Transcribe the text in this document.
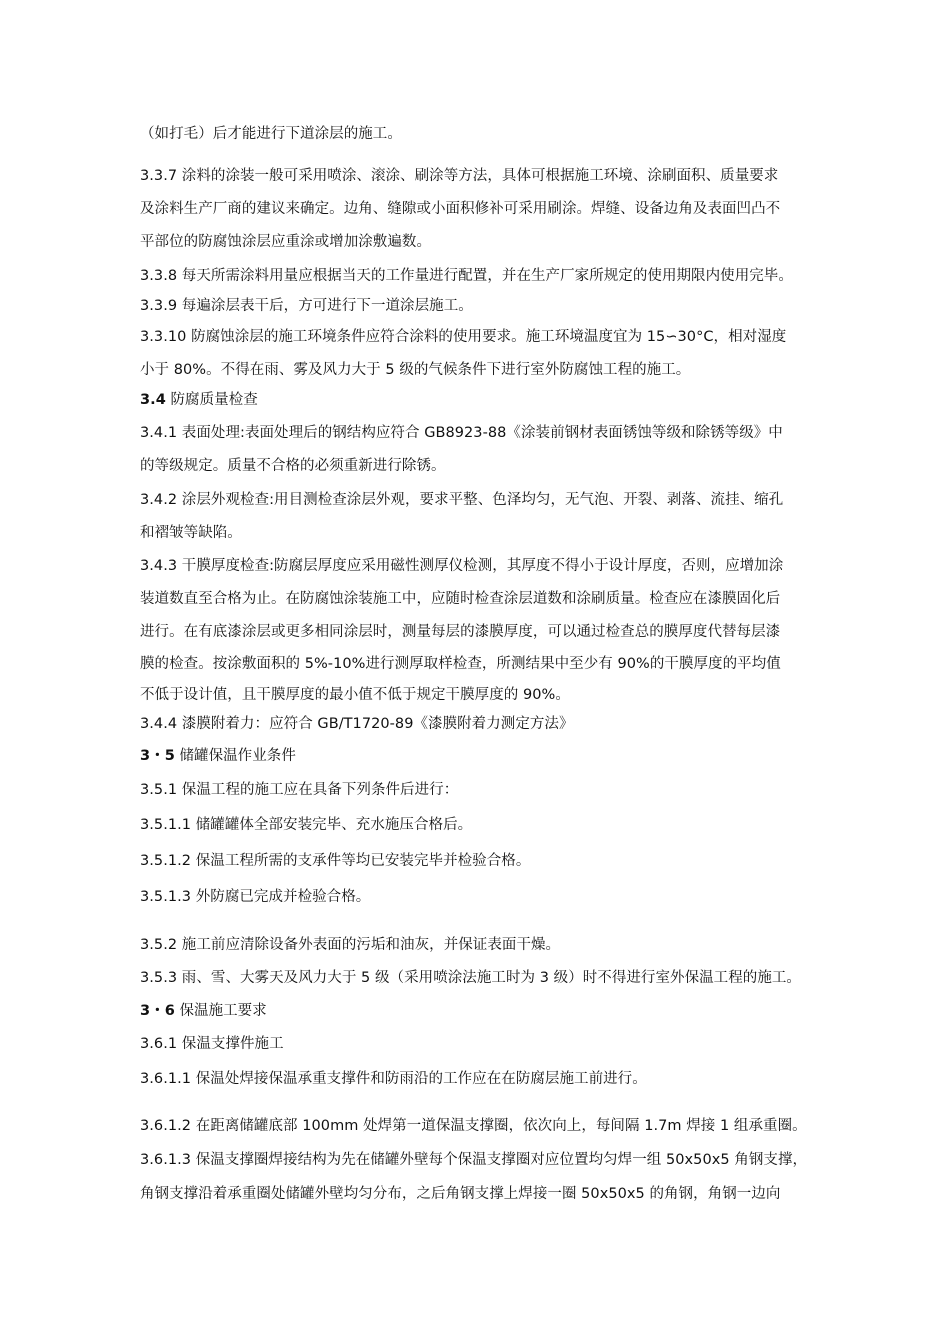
（如打毛）后才能进行下道涂层的施工。
3.3.7 涂料的涂装一般可采用喷涂、滚涂、刷涂等方法，具体可根据施工环境、涂刷面积、质量要求
及涂料生产厂商的建议来确定。边角、缝隙或小面积修补可采用刷涂。焊缝、设备边角及表面凹凸不
平部位的防腐蚀涂层应重涂或增加涂敷遍数。
3.3.8 每天所需涂料用量应根据当天的工作量进行配置，并在生产厂家所规定的使用期限内使用完毕。
3.3.9 每遍涂层表干后，方可进行下一道涂层施工。
3.3.10 防腐蚀涂层的施工环境条件应符合涂料的使用要求。施工环境温度宜为 15∽30°C，相对湿度
小于 80%。不得在雨、雾及风力大于 5 级的气候条件下进行室外防腐蚀工程的施工。
3.4 防腐质量检查
3.4.1 表面处理:表面处理后的钢结构应符合 GB8923-88《涂装前钢材表面锈蚀等级和除锈等级》中
的等级规定。质量不合格的必须重新进行除锈。
3.4.2 涂层外观检查:用目测检查涂层外观，要求平整、色泽均匀，无气泡、开裂、剥落、流挂、缩孔
和褶皱等缺陷。
3.4.3 干膜厚度检查:防腐层厚度应采用磁性测厚仪检测，其厚度不得小于设计厚度，否则，应增加涂
装道数直至合格为止。在防腐蚀涂装施工中，应随时检查涂层道数和涂刷质量。检查应在漆膜固化后
进行。在有底漆涂层或更多相同涂层时，测量每层的漆膜厚度，可以通过检查总的膜厚度代替每层漆
膜的检查。按涂敷面积的 5%-10%进行测厚取样检查，所测结果中至少有 90%的干膜厚度的平均值
不低于设计值，且干膜厚度的最小值不低于规定干膜厚度的 90%。
3.4.4 漆膜附着力：应符合 GB/T1720-89《漆膜附着力测定方法》
3・5 储罐保温作业条件
3.5.1 保温工程的施工应在具备下列条件后进行：
3.5.1.1 储罐罐体全部安装完毕、充水施压合格后。
3.5.1.2 保温工程所需的支承件等均已安装完毕并检验合格。
3.5.1.3 外防腐已完成并检验合格。
3.5.2 施工前应清除设备外表面的污垢和油灰，并保证表面干燥。
3.5.3 雨、雪、大雾天及风力大于 5 级（采用喷涂法施工时为 3 级）时不得进行室外保温工程的施工。
3・6 保温施工要求
3.6.1 保温支撑件施工
3.6.1.1 保温处焊接保温承重支撑件和防雨沿的工作应在在防腐层施工前进行。
3.6.1.2 在距离储罐底部 100mm 处焊第一道保温支撑圈，依次向上，每间隔 1.7m 焊接 1 组承重圈。
3.6.1.3 保温支撑圈焊接结构为先在储罐外壁每个保温支撑圈对应位置均匀焊一组 50x50x5 角钢支撑，
角钢支撑沿着承重圈处储罐外壁均匀分布，之后角钢支撑上焊接一圈 50x50x5 的角钢，角钢一边向
